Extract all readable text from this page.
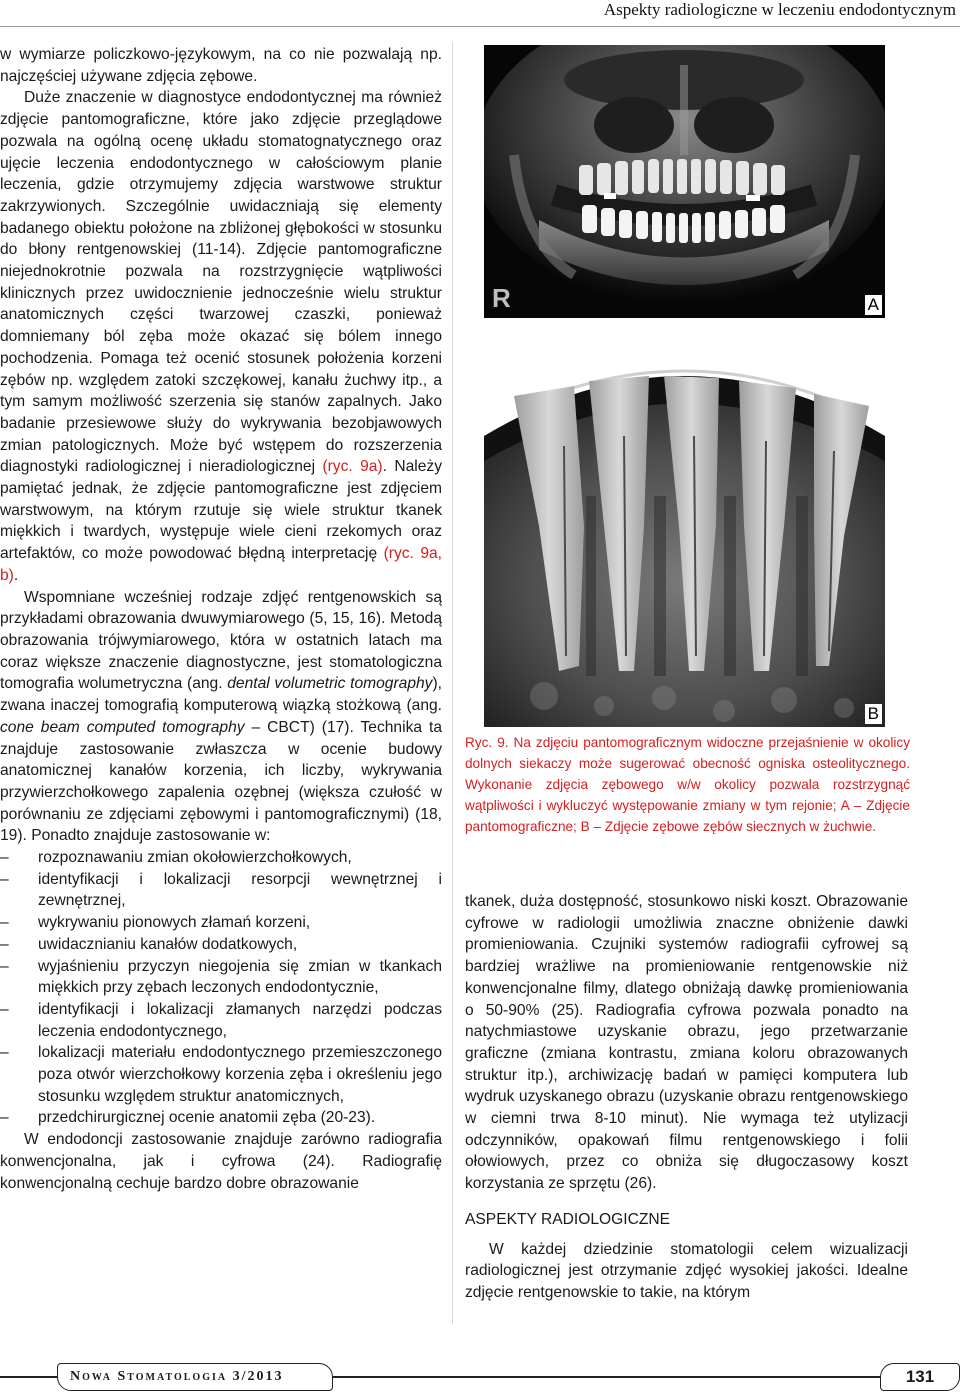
Aspekty radiologiczne w leczeniu endodontycznym

w wymiarze policzkowo-językowym, na co nie pozwalają np. najczęściej używane zdjęcia zębowe.

Duże znaczenie w diagnostyce endodontycznej ma również zdjęcie pantomograficzne, które jako zdjęcie przeglądowe pozwala na ogólną ocenę układu stomatognatycznego oraz ujęcie leczenia endodontycznego w całościowym planie leczenia, gdzie otrzymujemy zdjęcia warstwowe struktur zakrzywionych. Szczególnie uwidaczniają się elementy badanego obiektu położone na zbliżonej głębokości w stosunku do błony rentgenowskiej (11-14). Zdjęcie pantomograficzne niejednokrotnie pozwala na rozstrzygnięcie wątpliwości klinicznych przez uwidocznienie jednocześnie wielu struktur anatomicznych części twarzowej czaszki, ponieważ domniemany ból zęba może okazać się bólem innego pochodzenia. Pomaga też ocenić stosunek położenia korzeni zębów np. względem zatoki szczękowej, kanału żuchwy itp., a tym samym możliwość szerzenia się stanów zapalnych. Jako badanie przesiewowe służy do wykrywania bezobjawowych zmian patologicznych. Może być wstępem do rozszerzenia diagnostyki radiologicznej i nieradiologicznej (ryc. 9a). Należy pamiętać jednak, że zdjęcie pantomograficzne jest zdjęciem warstwowym, na którym rzutuje się wiele struktur tkanek miękkich i twardych, występuje wiele cieni rzekomych oraz artefaktów, co może powodować błędną interpretację (ryc. 9a, b).

Wspomniane wcześniej rodzaje zdjęć rentgenowskich są przykładami obrazowania dwuwymiarowego (5, 15, 16). Metodą obrazowania trójwymiarowego, która w ostatnich latach ma coraz większe znaczenie diagnostyczne, jest stomatologiczna tomografia wolumetryczna (ang. dental volumetric tomography), zwana inaczej tomografią komputerową wiązką stożkową (ang. cone beam computed tomography – CBCT) (17). Technika ta znajduje zastosowanie zwłaszcza w ocenie budowy anatomicznej kanałów korzenia, ich liczby, wykrywania przywierzchołkowego zapalenia ozębnej (większa czułość w porównaniu ze zdjęciami zębowymi i pantomograficznymi) (18, 19). Ponadto znajduje zastosowanie w:

– rozpoznawaniu zmian okołowierzchołkowych,
– identyfikacji i lokalizacji resorpcji wewnętrznej i zewnętrznej,
– wykrywaniu pionowych złamań korzeni,
– uwidacznianiu kanałów dodatkowych,
– wyjaśnieniu przyczyn niegojenia się zmian w tkankach miękkich przy zębach leczonych endodontycznie,
– identyfikacji i lokalizacji złamanych narzędzi podczas leczenia endodontycznego,
– lokalizacji materiału endodontycznego przemieszczonego poza otwór wierzchołkowy korzenia zęba i określeniu jego stosunku względem struktur anatomicznych,
– przedchirurgicznej ocenie anatomii zęba (20-23).

W endodoncji zastosowanie znajduje zarówno radiografia konwencjonalna, jak i cyfrowa (24). Radiografię konwencjonalną cechuje bardzo dobre obrazowanie

R	A
B
Ryc. 9. Na zdjęciu pantomograficznym widoczne przejaśnienie w okolicy dolnych siekaczy może sugerować obecność ogniska osteolitycznego. Wykonanie zdjęcia zębowego w/w okolicy pozwala rozstrzygnąć wątpliwości i wykluczyć występowanie zmiany w tym rejonie; A – Zdjęcie pantomograficzne; B – Zdjęcie zębowe zębów siecznych w żuchwie.

tkanek, duża dostępność, stosunkowo niski koszt. Obrazowanie cyfrowe w radiologii umożliwia znaczne obniżenie dawki promieniowania. Czujniki systemów radiografii cyfrowej są bardziej wrażliwe na promieniowanie rentgenowskie niż konwencjonalne filmy, dlatego obniżają dawkę promieniowania o 50-90% (25). Radiografia cyfrowa pozwala ponadto na natychmiastowe uzyskanie obrazu, jego przetwarzanie graficzne (zmiana kontrastu, zmiana koloru obrazowanych struktur itp.), archiwizację badań w pamięci komputera lub wydruk uzyskanego obrazu (uzyskanie obrazu rentgenowskiego w ciemni trwa 8-10 minut). Nie wymaga też utylizacji odczynników, opakowań filmu rentgenowskiego i folii ołowiowych, przez co obniża się długoczasowy koszt korzystania ze sprzętu (26).

ASPEKTY RADIOLOGICZNE

W każdej dziedzinie stomatologii celem wizualizacji radiologicznej jest otrzymanie zdjęć wysokiej jakości. Idealne zdjęcie rentgenowskie to takie, na którym

Nowa Stomatologia 3/2013	131
